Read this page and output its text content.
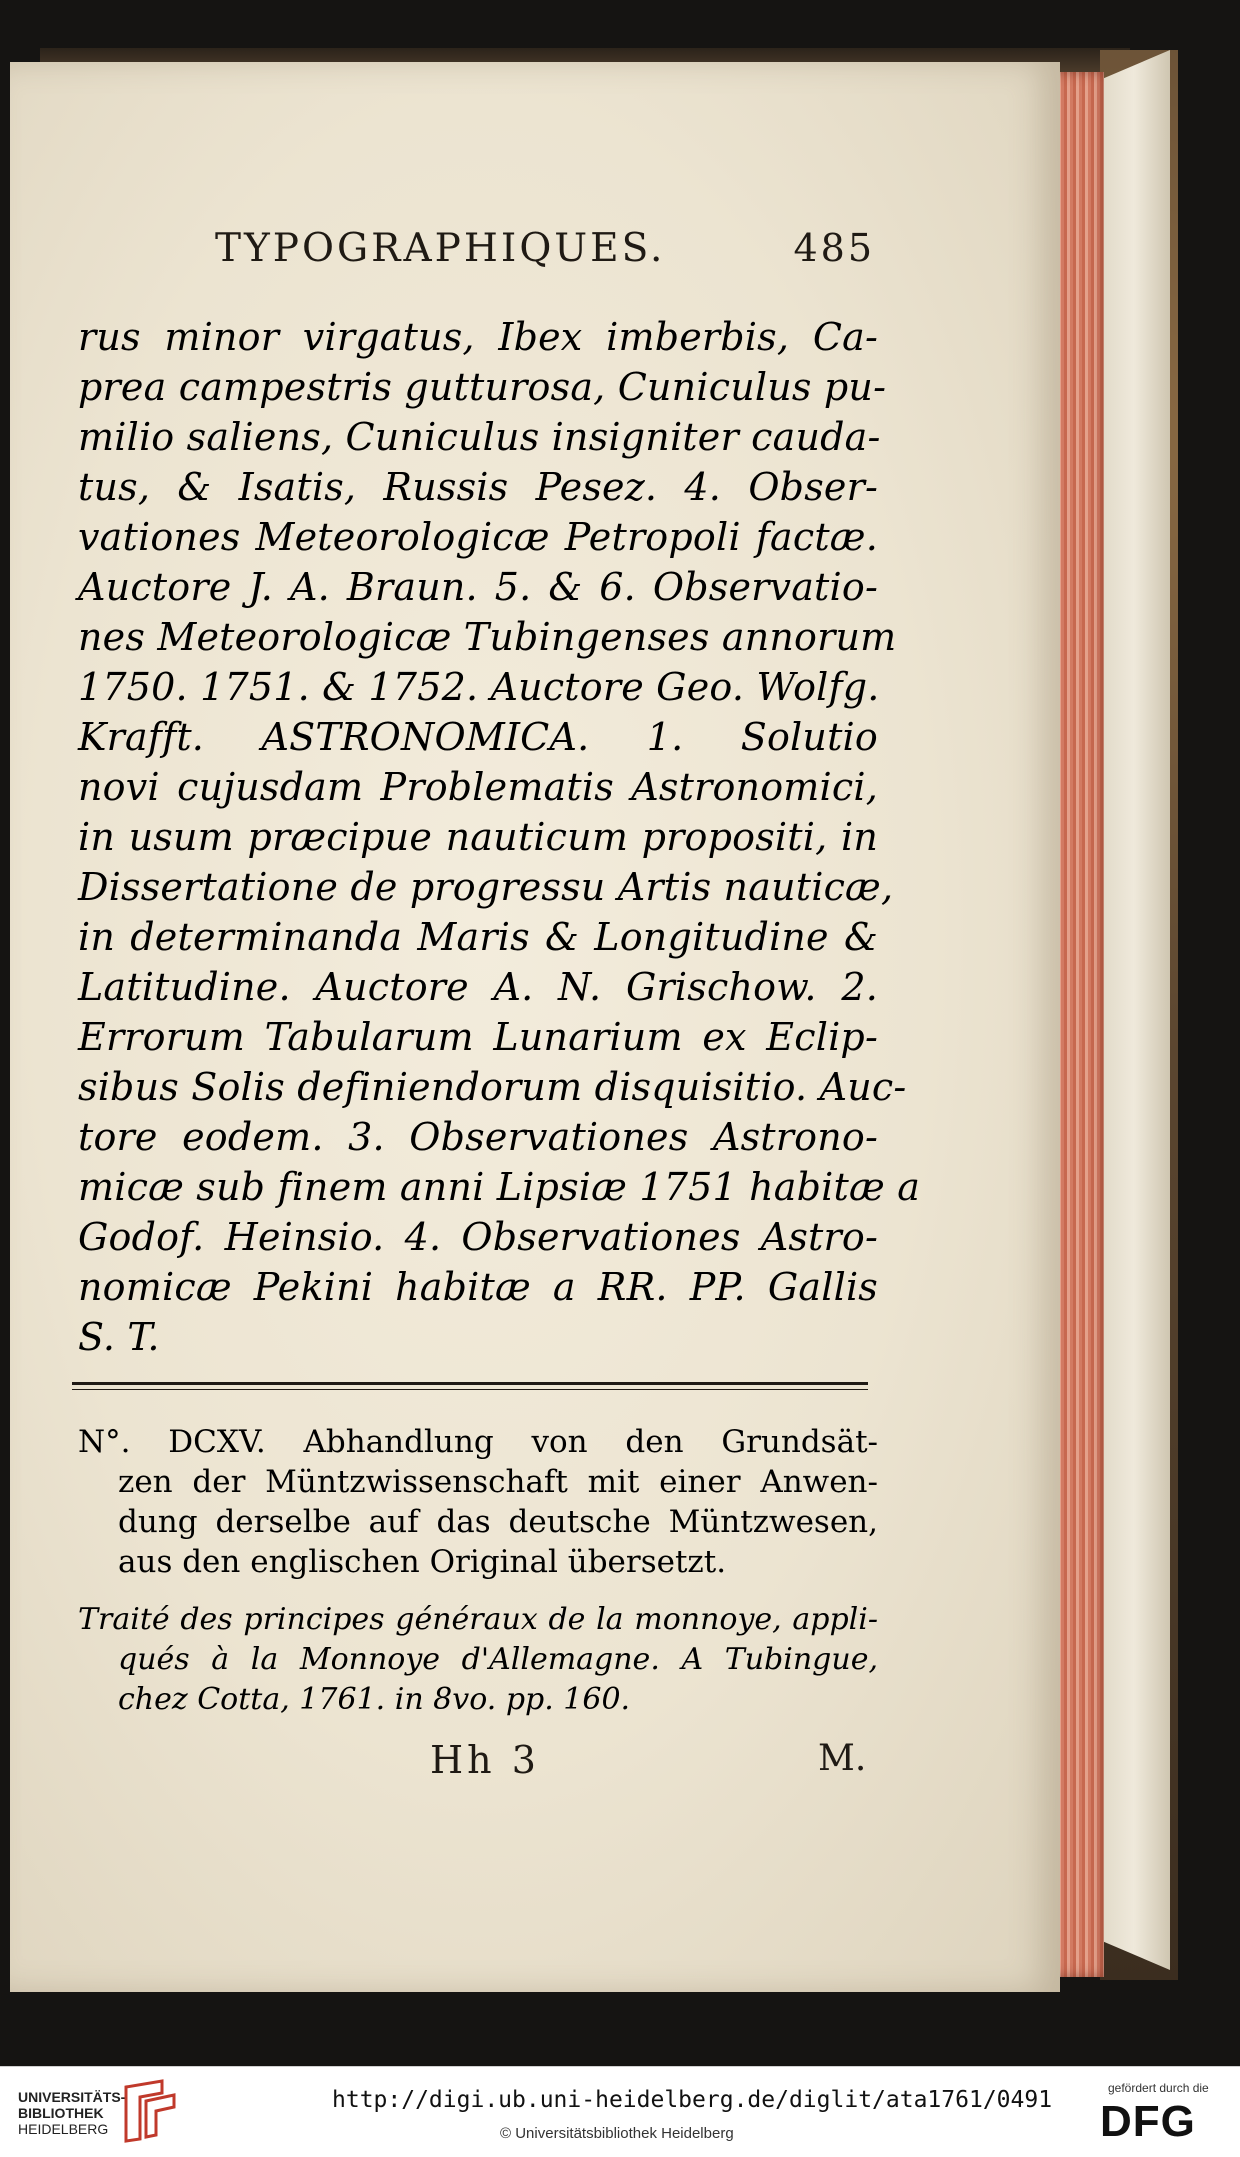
TYPOGRAPHIQUES.	485
rus minor virgatus, Ibex imberbis, Ca-
prea campestris gutturosa, Cuniculus pu-
milio saliens, Cuniculus insigniter cauda-
tus, & Isatis, Russis Pesez. 4. Obser-
vationes Meteorologicæ Petropoli factæ.
Auctore J. A. Braun. 5. & 6. Observatio-
nes Meteorologicæ Tubingenses annorum
1750. 1751. & 1752. Auctore Geo. Wolfg.
Krafft. ASTRONOMICA. 1. Solutio
novi cujusdam Problematis Astronomici,
in usum præcipue nauticum propositi, in
Dissertatione de progressu Artis nauticæ,
in determinanda Maris & Longitudine &
Latitudine. Auctore A. N. Grischow. 2.
Errorum Tabularum Lunarium ex Eclip-
sibus Solis definiendorum disquisitio. Auc-
tore eodem. 3. Observationes Astrono-
micæ sub finem anni Lipsiæ 1751 habitæ a
Godof. Heinsio. 4. Observationes Astro-
nomicæ Pekini habitæ a RR. PP. Gallis
S. T.
N°. DCXV. Abhandlung von den Grundsät-
zen der Müntzwissenschaft mit einer Anwen-
dung derselbe auf das deutsche Müntzwesen,
aus den englischen Original übersetzt.
Traité des principes généraux de la monnoye, appli-
qués à la Monnoye d'Allemagne. A Tubingue,
chez Cotta, 1761. in 8vo. pp. 160.
Hh 3	M.
UNIVERSITÄTS-
BIBLIOTHEK
HEIDELBERG
http://digi.ub.uni-heidelberg.de/diglit/ata1761/0491
© Universitätsbibliothek Heidelberg
gefördert durch die
DFG
